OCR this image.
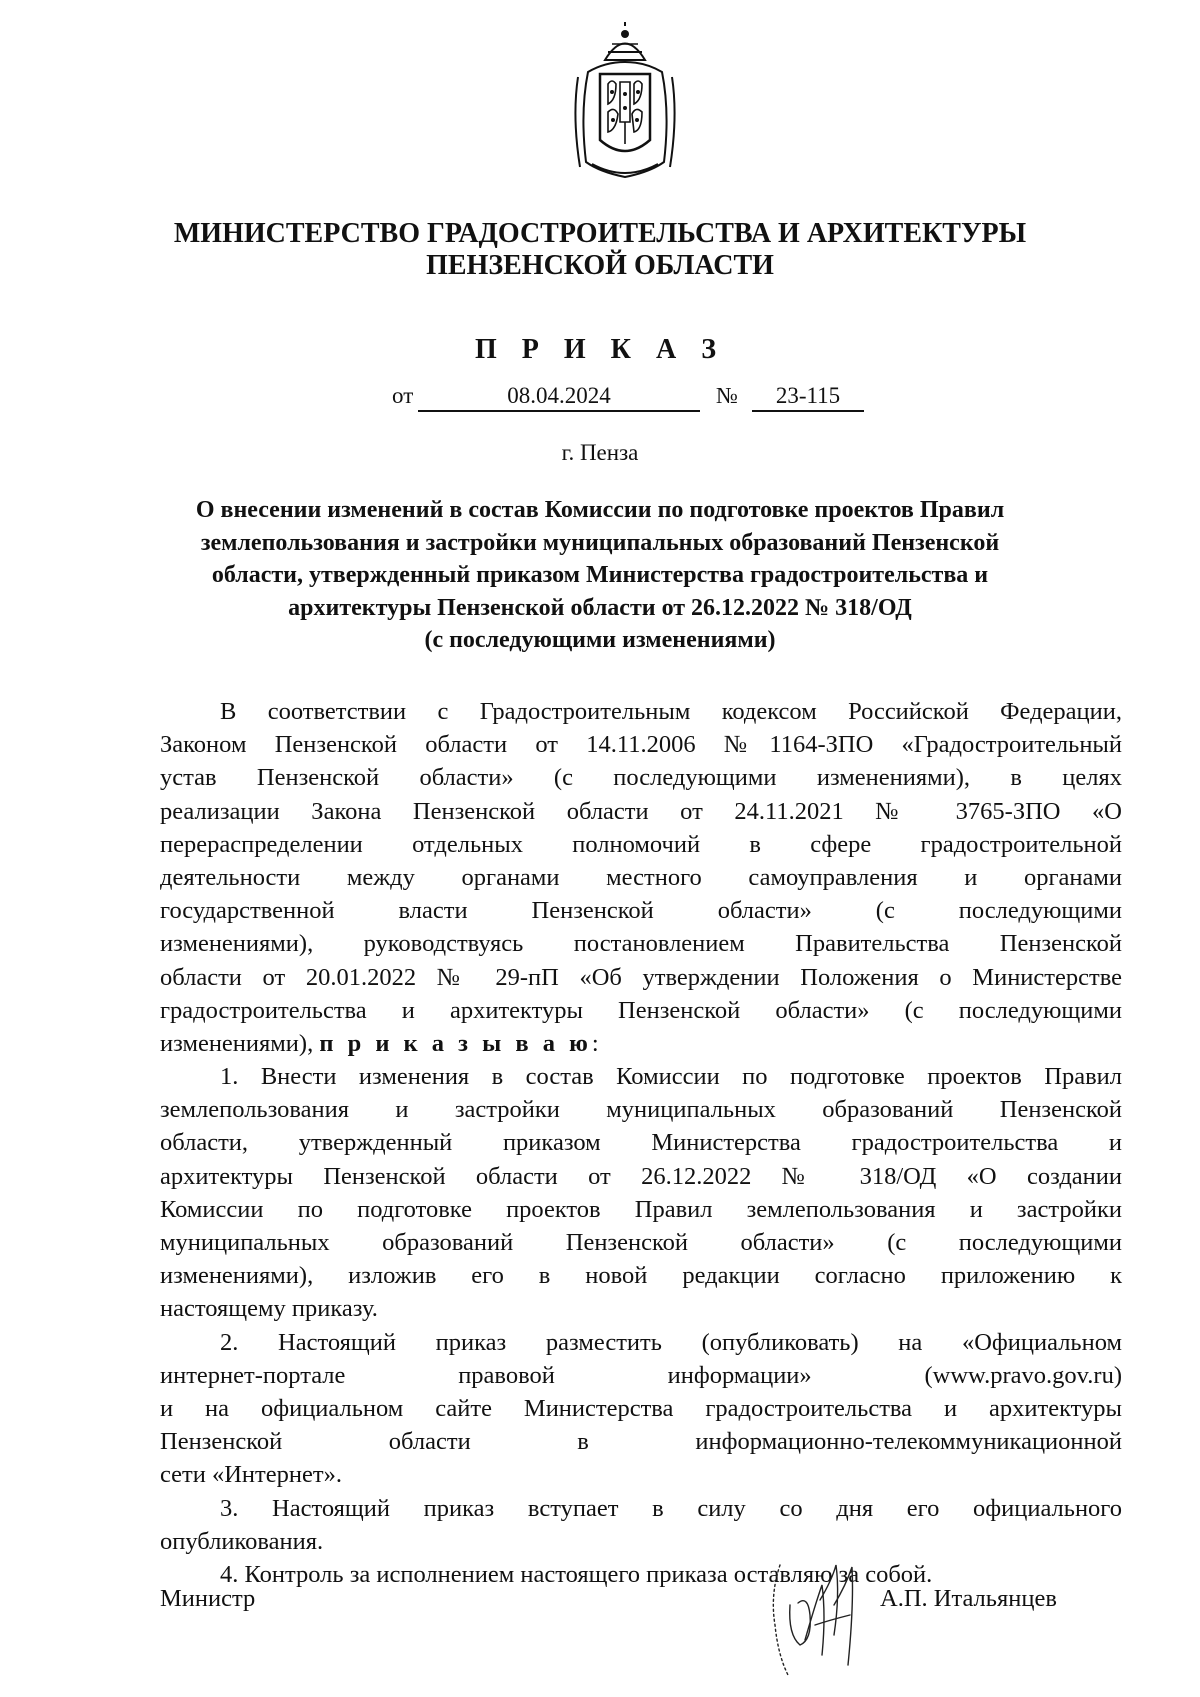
МИНИСТЕРСТВО ГРАДОСТРОИТЕЛЬСТВА И АРХИТЕКТУРЫ
ПЕНЗЕНСКОЙ ОБЛАСТИ
П Р И К А З
от	08.04.2024	№	23-115
г. Пенза
О внесении изменений в состав Комиссии по подготовке проектов Правил
землепользования и застройки муниципальных образований Пензенской
области, утвержденный приказом Министерства градостроительства и
архитектуры Пензенской области от 26.12.2022 № 318/ОД
(с последующими изменениями)
В соответствии с Градостроительным кодексом Российской Федерации,
Законом Пензенской области от 14.11.2006 №1164-ЗПО «Градостроительный
устав Пензенской области» (с последующими изменениями), в целях
реализации Закона Пензенской области от 24.11.2021 № 3765-ЗПО «О
перераспределении отдельных полномочий в сфере градостроительной
деятельности между органами местного самоуправления и органами
государственной власти Пензенской области» (с последующими
изменениями), руководствуясь постановлением Правительства Пензенской
области от 20.01.2022 № 29-пП «Об утверждении Положения о Министерстве
градостроительства и архитектуры Пензенской области» (с последующими
изменениями), п р и к а з ы в а ю:
1. Внести изменения в состав Комиссии по подготовке проектов Правил
землепользования и застройки муниципальных образований Пензенской
области, утвержденный приказом Министерства градостроительства и
архитектуры Пензенской области от 26.12.2022 № 318/ОД «О создании
Комиссии по подготовке проектов Правил землепользования и застройки
муниципальных образований Пензенской области» (с последующими
изменениями), изложив его в новой редакции согласно приложению к
настоящему приказу.
2. Настоящий приказ разместить (опубликовать) на «Официальном
интернет-портале правовой информации» (www.pravo.gov.ru)
и на официальном сайте Министерства градостроительства и архитектуры
Пензенской области в информационно-телекоммуникационной
сети «Интернет».
3. Настоящий приказ вступает в силу со дня его официального
опубликования.
4. Контроль за исполнением настоящего приказа оставляю за собой.
Министр	А.П. Итальянцев
